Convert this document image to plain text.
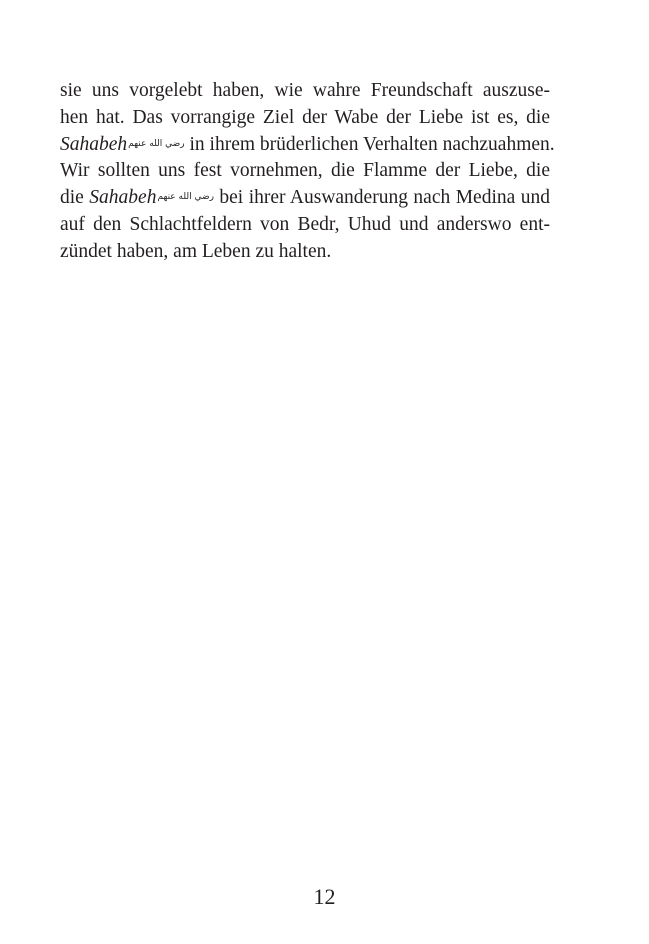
sie uns vorgelebt haben, wie wahre Freundschaft auszuse-
hen hat. Das vorrangige Ziel der Wabe der Liebe ist es, die
Sahabehرضي الله عنهم in ihrem brüderlichen Verhalten nachzuahmen.
Wir sollten uns fest vornehmen, die Flamme der Liebe, die
die Sahabehرضي الله عنهم bei ihrer Auswanderung nach Medina und
auf den Schlachtfeldern von Bedr, Uhud und anderswo ent-
zündet haben, am Leben zu halten.
12
